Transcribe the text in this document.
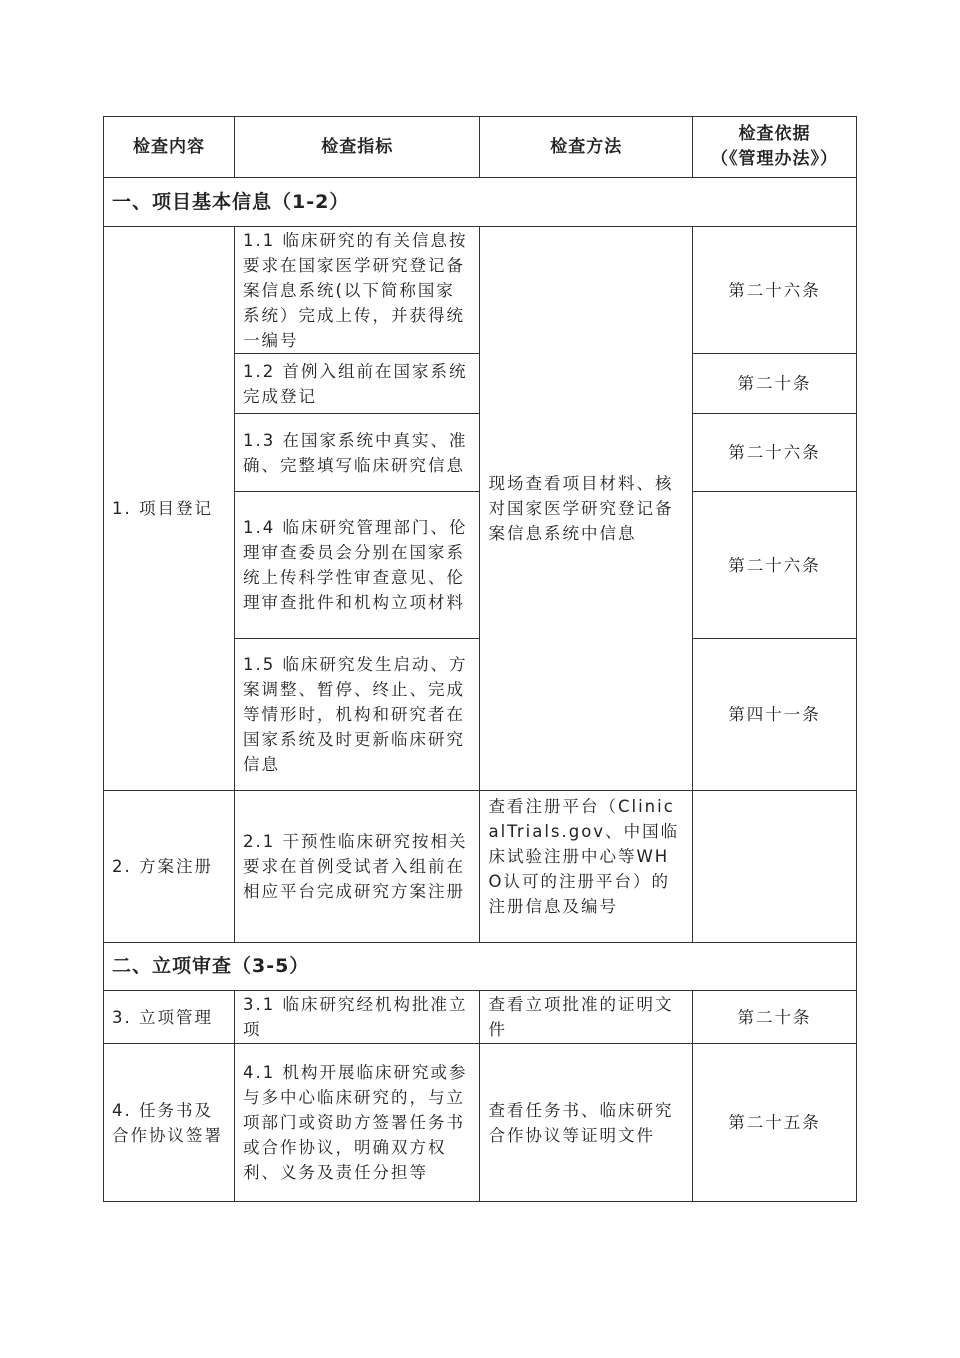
检查内容	检查指标	检查方法	检查依据
（《管理办法》）

一、项目基本信息（1-2）			
1. 项目登记	1.1 临床研究的有关信息按要求在国家医学研究登记备案信息系统(以下简称国家系统）完成上传，并获得统一编号	现场查看项目材料、核对国家医学研究登记备案信息系统中信息	第二十六条
	1.2 首例入组前在国家系统完成登记		第二十条
	1.3 在国家系统中真实、准确、完整填写临床研究信息		第二十六条
	1.4 临床研究管理部门、伦理审查委员会分别在国家系统上传科学性审查意见、伦理审查批件和机构立项材料		第二十六条
	1.5 临床研究发生启动、方案调整、暂停、终止、完成等情形时，机构和研究者在国家系统及时更新临床研究信息		第四十一条
2. 方案注册	2.1 干预性临床研究按相关要求在首例受试者入组前在相应平台完成研究方案注册	查看注册平台（ClinicalTrials.gov、中国临床试验注册中心等WHO认可的注册平台）的注册信息及编号	
二、立项审查（3-5）			
3. 立项管理	3.1 临床研究经机构批准立项	查看立项批准的证明文件	第二十条
4. 任务书及合作协议签署	4.1 机构开展临床研究或参与多中心临床研究的，与立项部门或资助方签署任务书或合作协议，明确双方权利、义务及责任分担等	查看任务书、临床研究合作协议等证明文件	第二十五条
